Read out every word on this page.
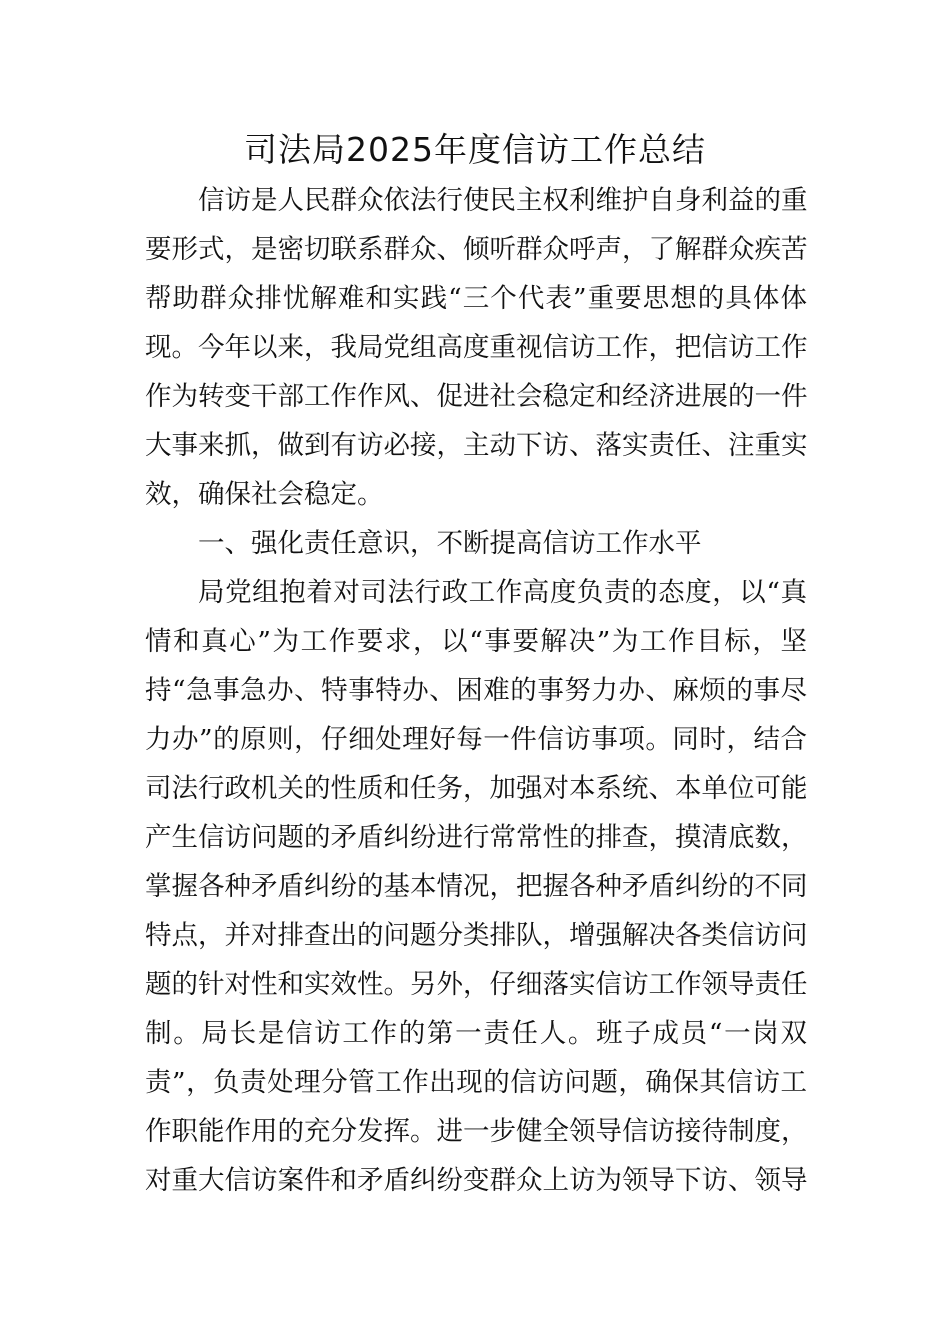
司法局2025年度信访工作总结
信访是人民群众依法行使民主权利维护自身利益的重
要形式，是密切联系群众、倾听群众呼声，了解群众疾苦
帮助群众排忧解难和实践“三个代表”重要思想的具体体
现。今年以来，我局党组高度重视信访工作，把信访工作
作为转变干部工作作风、促进社会稳定和经济进展的一件
大事来抓，做到有访必接，主动下访、落实责任、注重实
效，确保社会稳定。
一、强化责任意识，不断提高信访工作水平
局党组抱着对司法行政工作高度负责的态度，以“真
情和真心”为工作要求，以“事要解决”为工作目标，坚
持“急事急办、特事特办、困难的事努力办、麻烦的事尽
力办”的原则，仔细处理好每一件信访事项。同时，结合
司法行政机关的性质和任务，加强对本系统、本单位可能
产生信访问题的矛盾纠纷进行常常性的排查，摸清底数，
掌握各种矛盾纠纷的基本情况，把握各种矛盾纠纷的不同
特点，并对排查出的问题分类排队，增强解决各类信访问
题的针对性和实效性。另外，仔细落实信访工作领导责任
制。局长是信访工作的第一责任人。班子成员“一岗双
责”，负责处理分管工作出现的信访问题，确保其信访工
作职能作用的充分发挥。进一步健全领导信访接待制度，
对重大信访案件和矛盾纠纷变群众上访为领导下访、领导
